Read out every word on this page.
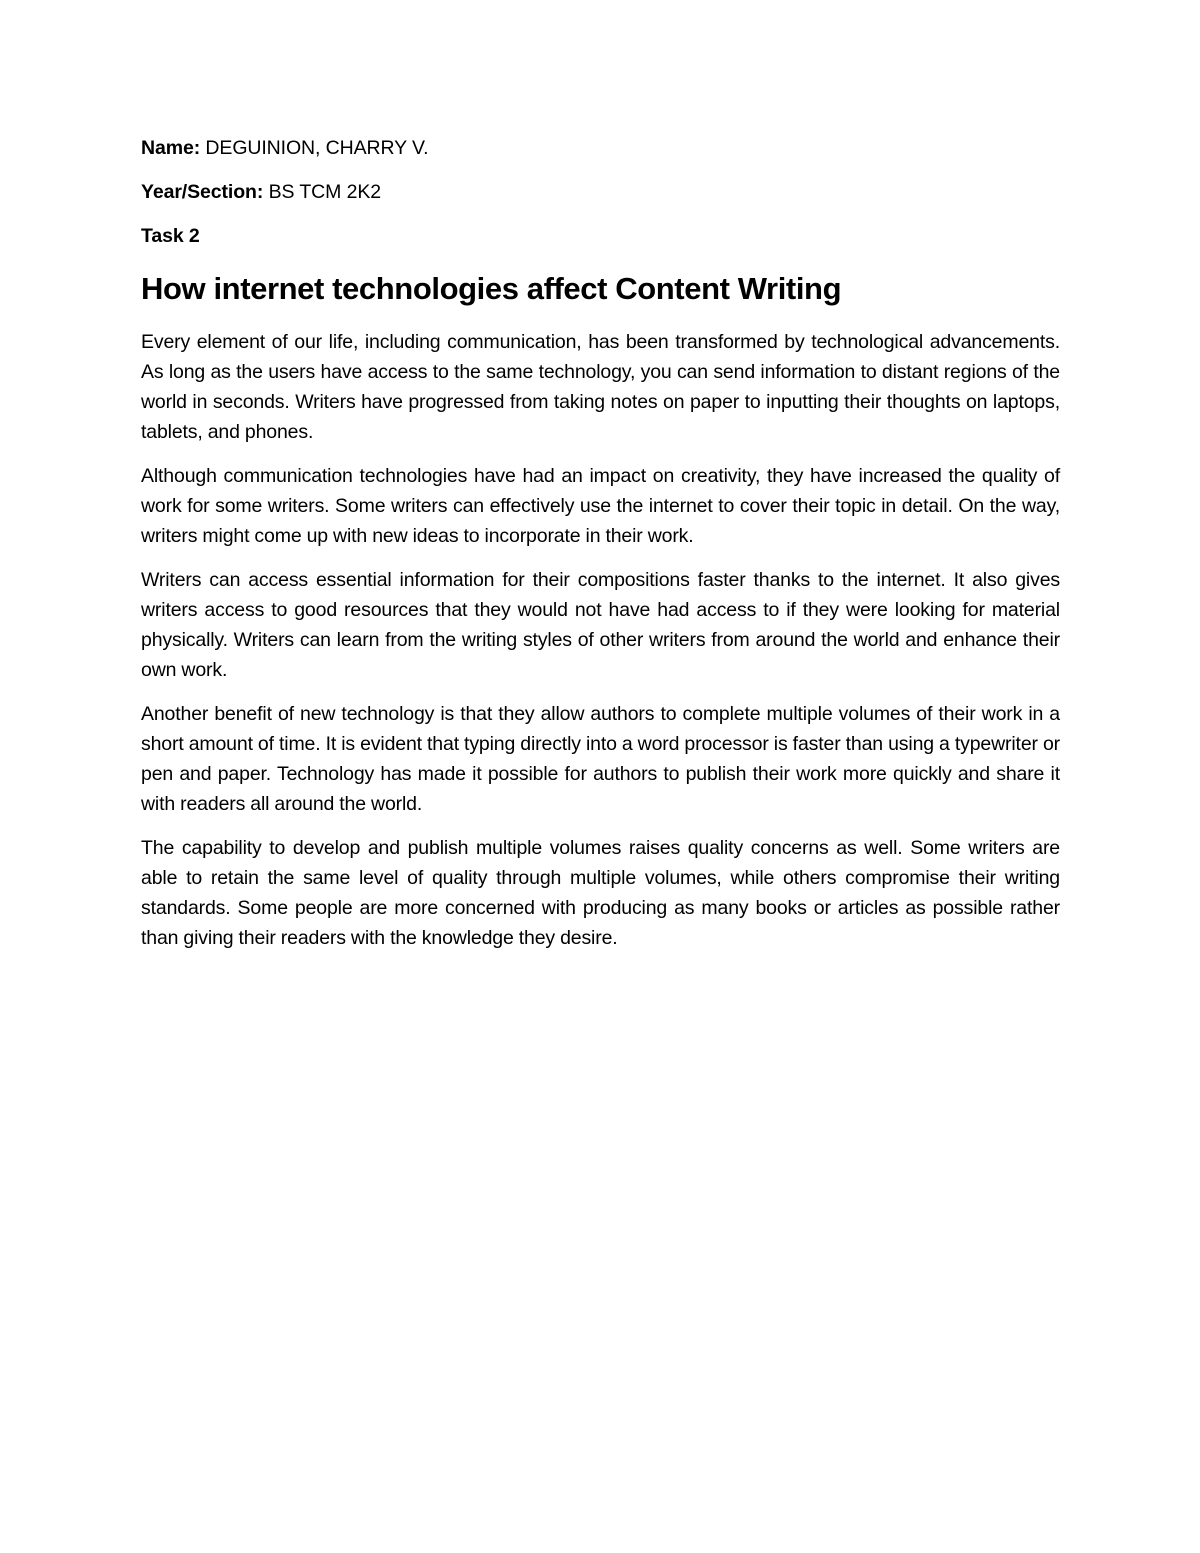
Name: DEGUINION, CHARRY V.

Year/Section: BS TCM 2K2

Task 2

How internet technologies affect Content Writing

Every element of our life, including communication, has been transformed by technological advancements. As long as the users have access to the same technology, you can send information to distant regions of the world in seconds. Writers have progressed from taking notes on paper to inputting their thoughts on laptops, tablets, and phones.

Although communication technologies have had an impact on creativity, they have increased the quality of work for some writers. Some writers can effectively use the internet to cover their topic in detail. On the way, writers might come up with new ideas to incorporate in their work.

Writers can access essential information for their compositions faster thanks to the internet. It also gives writers access to good resources that they would not have had access to if they were looking for material physically. Writers can learn from the writing styles of other writers from around the world and enhance their own work.

Another benefit of new technology is that they allow authors to complete multiple volumes of their work in a short amount of time. It is evident that typing directly into a word processor is faster than using a typewriter or pen and paper. Technology has made it possible for authors to publish their work more quickly and share it with readers all around the world.

The capability to develop and publish multiple volumes raises quality concerns as well. Some writers are able to retain the same level of quality through multiple volumes, while others compromise their writing standards. Some people are more concerned with producing as many books or articles as possible rather than giving their readers with the knowledge they desire.
